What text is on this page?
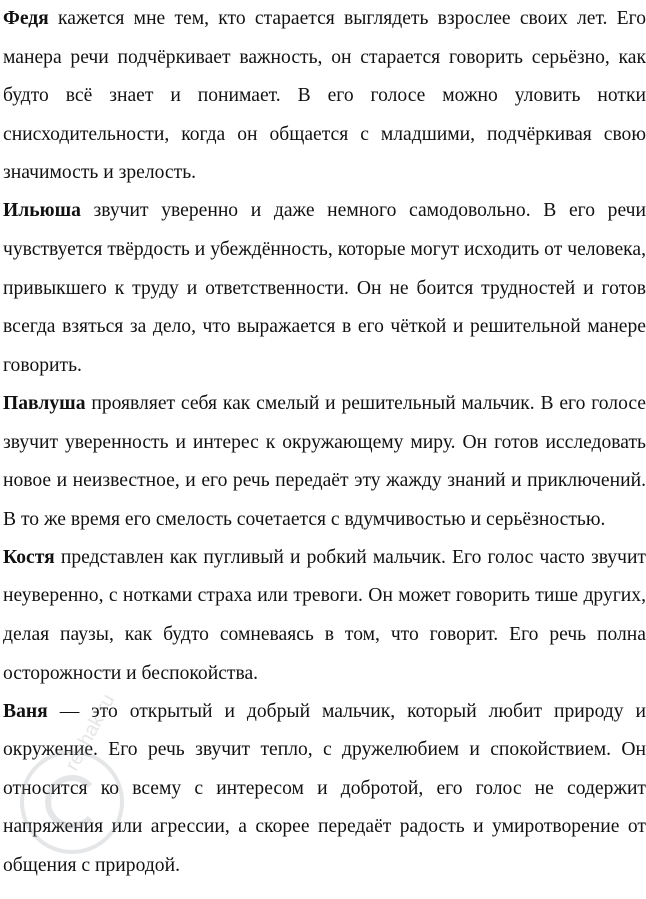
Федя кажется мне тем, кто старается выглядеть взрослее своих лет. Его манера речи подчёркивает важность, он старается говорить серьёзно, как будто всё знает и понимает. В его голосе можно уловить нотки снисходительности, когда он общается с младшими, подчёркивая свою значимость и зрелость.

Ильюша звучит уверенно и даже немного самодовольно. В его речи чувствуется твёрдость и убеждённость, которые могут исходить от человека, привыкшего к труду и ответственности. Он не боится трудностей и готов всегда взяться за дело, что выражается в его чёткой и решительной манере говорить.

Павлуша проявляет себя как смелый и решительный мальчик. В его голосе звучит уверенность и интерес к окружающему миру. Он готов исследовать новое и неизвестное, и его речь передаёт эту жажду знаний и приключений. В то же время его смелость сочетается с вдумчивостью и серьёзностью.

Костя представлен как пугливый и робкий мальчик. Его голос часто звучит неуверенно, с нотками страха или тревоги. Он может говорить тише других, делая паузы, как будто сомневаясь в том, что говорит. Его речь полна осторожности и беспокойства.

Ваня — это открытый и добрый мальчик, который любит природу и окружение. Его речь звучит тепло, с дружелюбием и спокойствием. Он относится ко всему с интересом и добротой, его голос не содержит напряжения или агрессии, а скорее передаёт радость и умиротворение от общения с природой.

reshak.ru
